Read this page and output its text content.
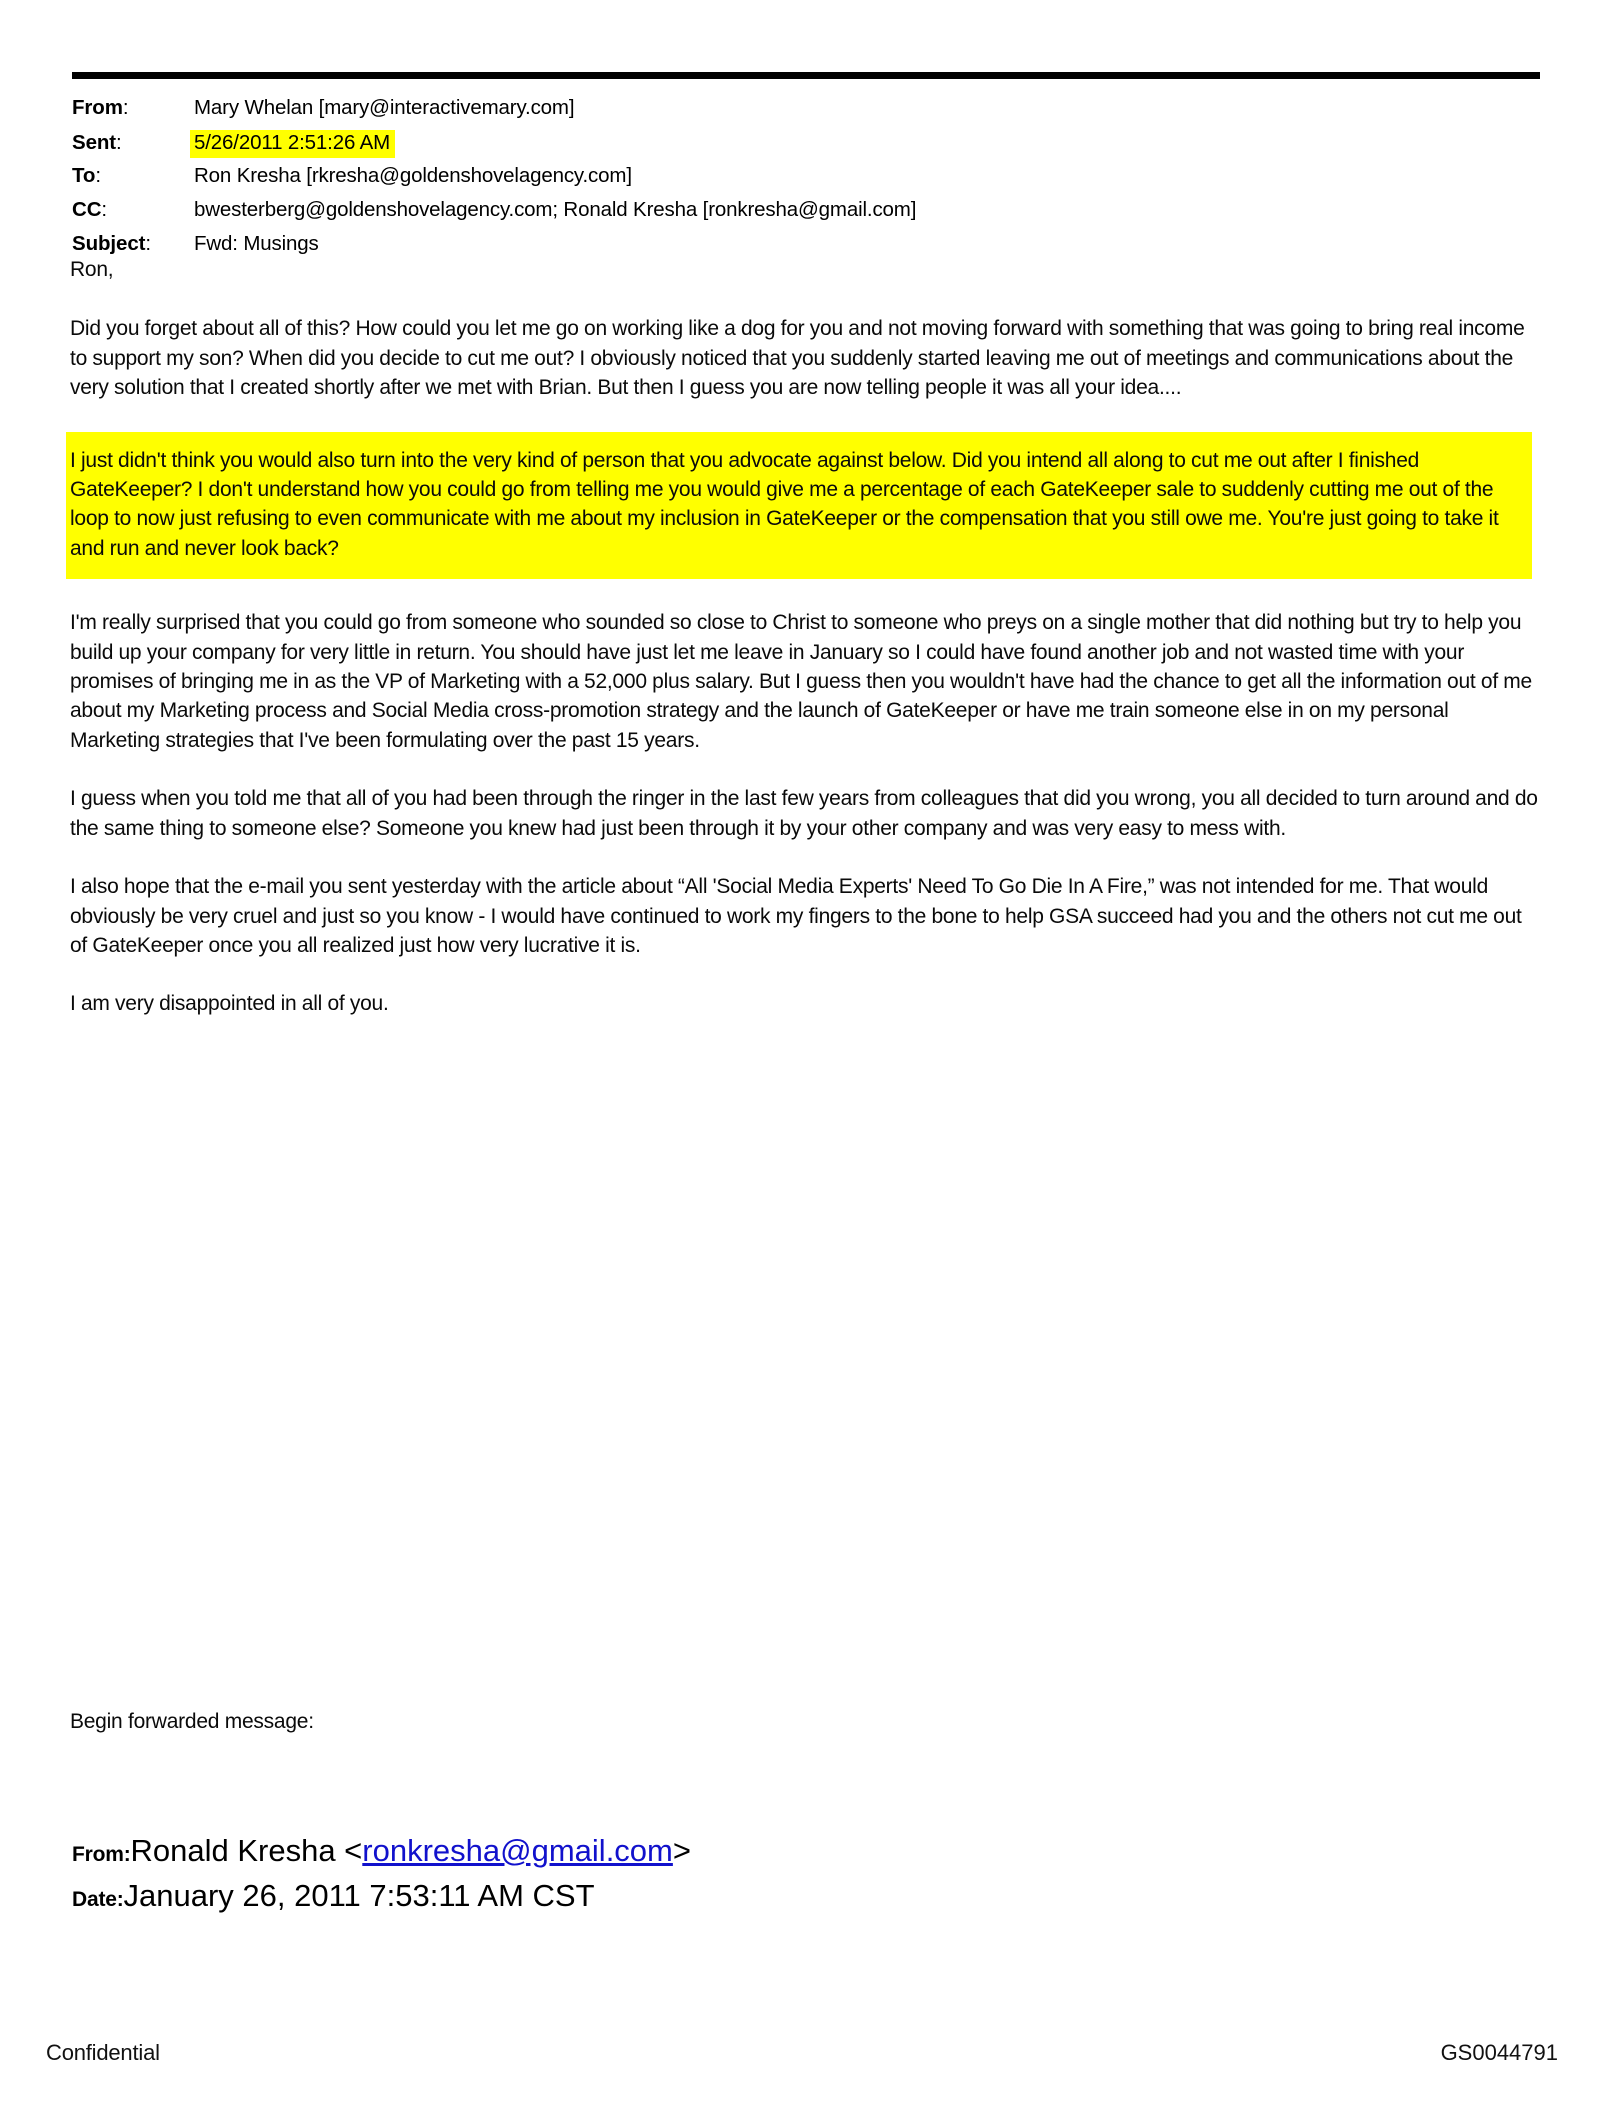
From:	Mary Whelan [mary@interactivemary.com]
Sent:	5/26/2011 2:51:26 AM
To:	Ron Kresha [rkresha@goldenshovelagency.com]
CC:	bwesterberg@goldenshovelagency.com; Ronald Kresha [ronkresha@gmail.com]
Subject:	Fwd: Musings

Ron,

Did you forget about all of this? How could you let me go on working like a dog for you and not moving forward with something that was going to bring real income to support my son? When did you decide to cut me out? I obviously noticed that you suddenly started leaving me out of meetings and communications about the very solution that I created shortly after we met with Brian. But then I guess you are now telling people it was all your idea....

I just didn't think you would also turn into the very kind of person that you advocate against below. Did you intend all along to cut me out after I finished GateKeeper? I don't understand how you could go from telling me you would give me a percentage of each GateKeeper sale to suddenly cutting me out of the loop to now just refusing to even communicate with me about my inclusion in GateKeeper or the compensation that you still owe me. You're just going to take it and run and never look back?

I'm really surprised that you could go from someone who sounded so close to Christ to someone who preys on a single mother that did nothing but try to help you build up your company for very little in return. You should have just let me leave in January so I could have found another job and not wasted time with your promises of bringing me in as the VP of Marketing with a 52,000 plus salary. But I guess then you wouldn't have had the chance to get all the information out of me about my Marketing process and Social Media cross-promotion strategy and the launch of GateKeeper or have me train someone else in on my personal Marketing strategies that I've been formulating over the past 15 years.

I guess when you told me that all of you had been through the ringer in the last few years from colleagues that did you wrong, you all decided to turn around and do the same thing to someone else? Someone you knew had just been through it by your other company and was very easy to mess with.

I also hope that the e-mail you sent yesterday with the article about “All 'Social Media Experts' Need To Go Die In A Fire,” was not intended for me. That would obviously be very cruel and just so you know - I would have continued to work my fingers to the bone to help GSA succeed had you and the others not cut me out of GateKeeper once you all realized just how very lucrative it is.

I am very disappointed in all of you.

Begin forwarded message:
From:Ronald Kresha <ronkresha@gmail.com>
Date:January 26, 2011 7:53:11 AM CST
Confidential	GS0044791
